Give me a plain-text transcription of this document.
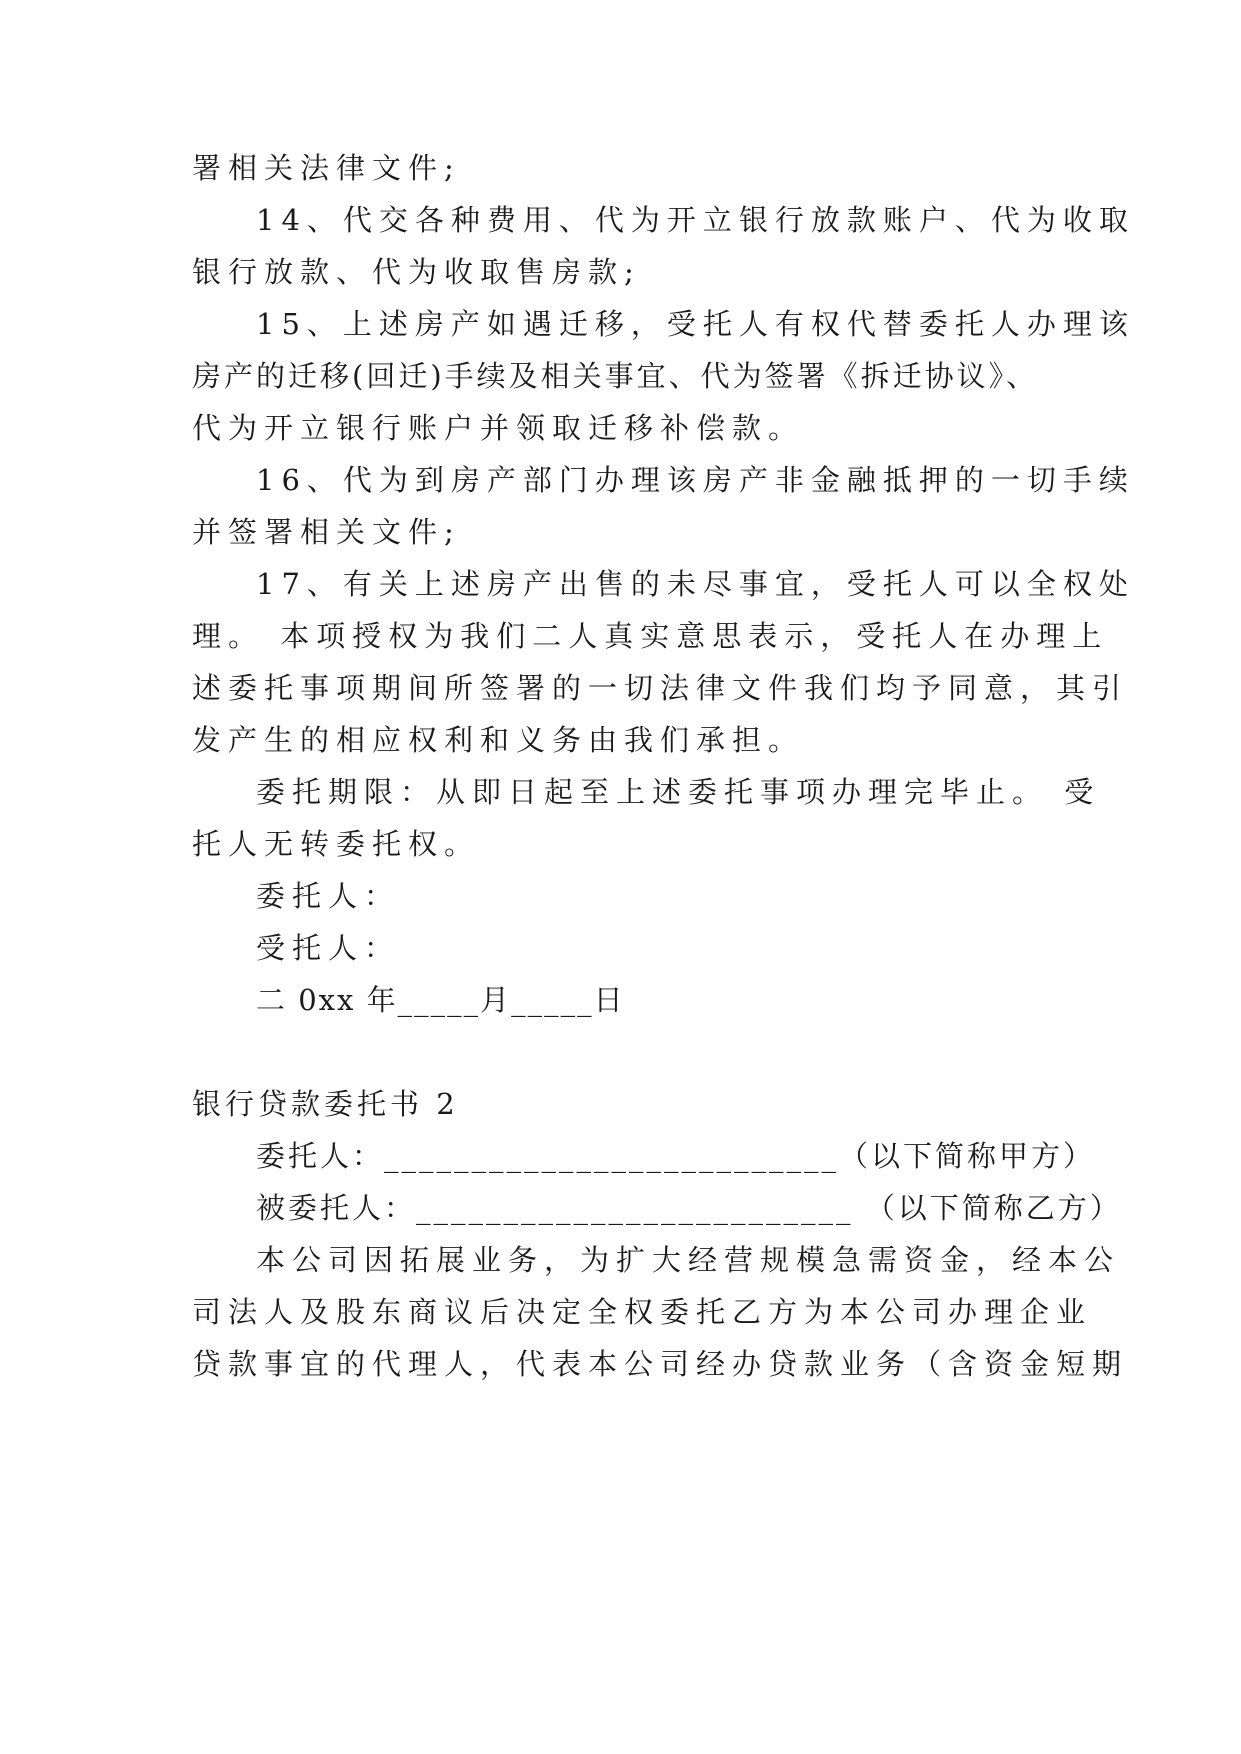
署相关法律文件;
14、代交各种费用、代为开立银行放款账户、代为收取
银行放款、代为收取售房款;
15、上述房产如遇迁移，受托人有权代替委托人办理该
房产的迁移(回迁)手续及相关事宜、代为签署《拆迁协议》、
代为开立银行账户并领取迁移补偿款。
16、代为到房产部门办理该房产非金融抵押的一切手续
并签署相关文件;
17、有关上述房产出售的未尽事宜，受托人可以全权处
理。 本项授权为我们二人真实意思表示，受托人在办理上
述委托事项期间所签署的一切法律文件我们均予同意，其引
发产生的相应权利和义务由我们承担。
委托期限：从即日起至上述委托事项办理完毕止。 受
托人无转委托权。
委托人：
受托人：
二 0xx 年_____月_____日
银行贷款委托书 2
委托人：__________________________（以下简称甲方）
被委托人：_________________________ （以下简称乙方）
本公司因拓展业务，为扩大经营规模急需资金，经本公
司法人及股东商议后决定全权委托乙方为本公司办理企业
贷款事宜的代理人，代表本公司经办贷款业务（含资金短期
